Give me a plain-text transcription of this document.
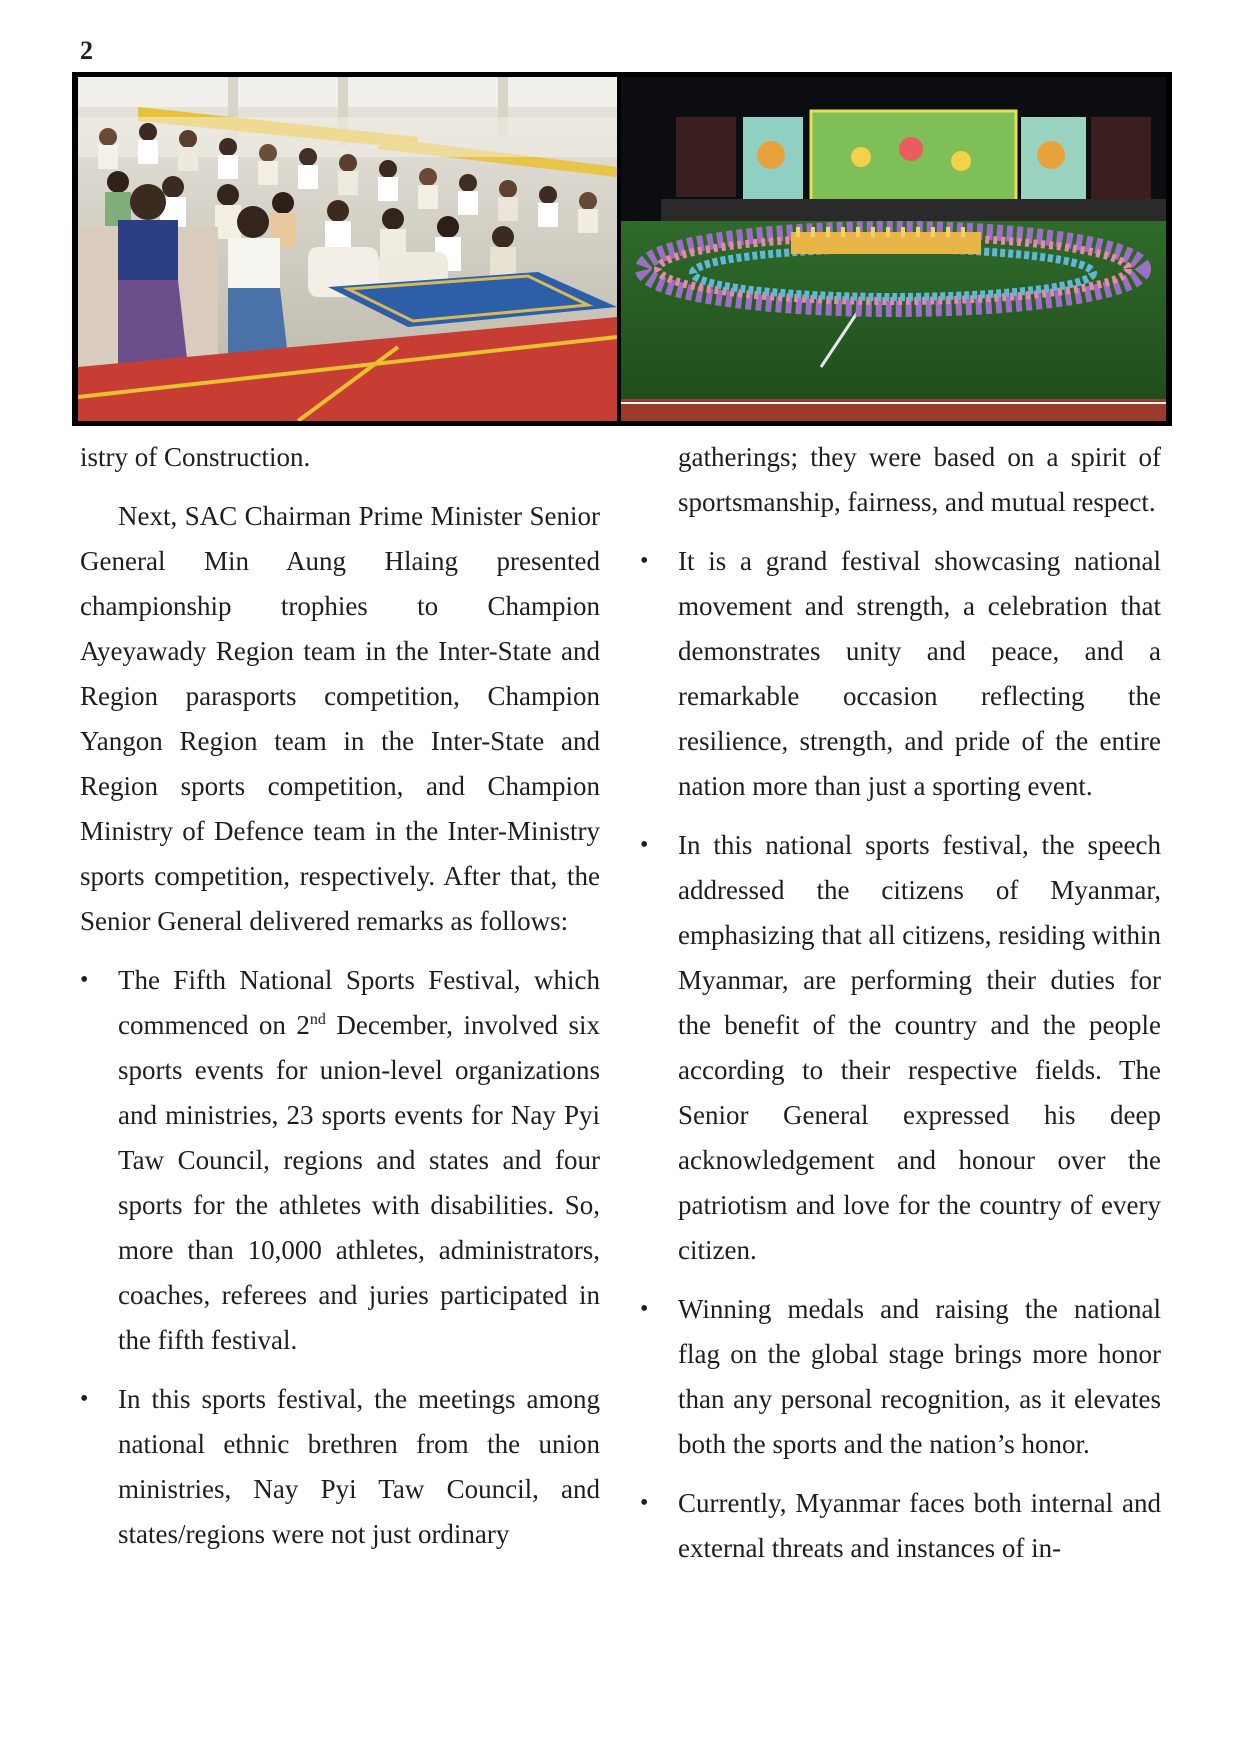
2

istry of Construction.

Next, SAC Chairman Prime Minister Senior General Min Aung Hlaing presented championship trophies to Champion Ayeyawady Region team in the Inter-State and Region parasports competition, Champion Yangon Region team in the Inter-State and Region sports competition, and Champion Ministry of Defence team in the Inter-Ministry sports competition, respectively. After that, the Senior General delivered remarks as follows:

• The Fifth National Sports Festival, which commenced on 2nd December, involved six sports events for union-level organizations and ministries, 23 sports events for Nay Pyi Taw Council, regions and states and four sports for the athletes with disabilities. So, more than 10,000 athletes, administrators, coaches, referees and juries participated in the fifth festival.
• In this sports festival, the meetings among national ethnic brethren from the union ministries, Nay Pyi Taw Council, and states/regions were not just ordinary

gatherings; they were based on a spirit of sportsmanship, fairness, and mutual respect.

• It is a grand festival showcasing national movement and strength, a celebration that demonstrates unity and peace, and a remarkable occasion reflecting the resilience, strength, and pride of the entire nation more than just a sporting event.
• In this national sports festival, the speech addressed the citizens of Myanmar, emphasizing that all citizens, residing within Myanmar, are performing their duties for the benefit of the country and the people according to their respective fields. The Senior General expressed his deep acknowledgement and honour over the patriotism and love for the country of every citizen.
• Winning medals and raising the national flag on the global stage brings more honor than any personal recognition, as it elevates both the sports and the nation’s honor.
• Currently, Myanmar faces both internal and external threats and instances of in-
